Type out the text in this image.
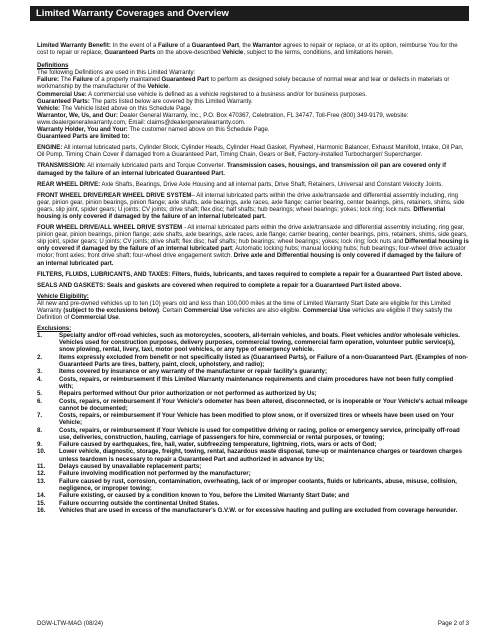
Limited Warranty Coverages and Overview

Limited Warranty Benefit: In the event of a Failure of a Guaranteed Part, the Warrantor agrees to repair or replace, or at its option, reimburse You for the cost to repair or replace, Guaranteed Parts on the above-described Vehicle, subject to the terms, conditions, and limitations herein.

Definitions
The following Definitions are used in this Limited Warranty:
Failure: The Failure of a properly maintained Guaranteed Part to perform as designed solely because of normal wear and tear or defects in materials or workmanship by the manufacturer of the Vehicle.
Commercial Use: A commercial use vehicle is defined as a vehicle registered to a business and/or for business purposes.
Guaranteed Parts: The parts listed below are covered by this Limited Warranty.
Vehicle: The Vehicle listed above on this Schedule Page.
Warrantor, We, Us, and Our: Dealer General Warranty, Inc., P.O. Box 470367, Celebration, FL 34747, Toll-Free (800) 349-9179, website: www.dealergeneralwarranty.com, Email: claims@dealergeneralwarranty.com.
Warranty Holder, You and Your: The customer named above on this Schedule Page.
Guaranteed Parts are limited to:

ENGINE: All internal lubricated parts, Cylinder Block, Cylinder Heads, Cylinder Head Gasket, Flywheel, Harmonic Balancer, Exhaust Manifold, Intake, Oil Pan, Oil Pump, Timing Chain Cover if damaged from a Guaranteed Part, Timing Chain, Gears or Belt, Factory-installed Turbocharger/ Supercharger.

TRANSMISSION: All internally lubricated parts and Torque Converter. Transmission cases, housings, and transmission oil pan are covered only if damaged by the failure of an internal lubricated Guaranteed Part.

REAR WHEEL DRIVE: Axle Shafts, Bearings, Drive Axle Housing and all internal parts, Drive Shaft, Retainers, Universal and Constant Velocity Joints.

FRONT WHEEL DRIVE/REAR WHEEL DRIVE SYSTEM– All internal lubricated parts within the drive axle/transaxle and differential assembly including, ring gear, pinion gear, pinion bearings, pinion flange; axle shafts, axle bearings, axle races, axle flange; carrier bearing, center bearings, pins, retainers, shims, side gears, slip joint, spider gears; U joints; CV joints; drive shaft; flex disc; half shafts; hub bearings; wheel bearings; yokes; lock ring; lock nuts. Differential housing is only covered if damaged by the failure of an internal lubricated part.

FOUR WHEEL DRIVE/ALL WHEEL DRIVE SYSTEM - All internal lubricated parts within the drive axle/transaxle and differential assembly including, ring gear, pinion gear, pinion bearings, pinion flange; axle shafts, axle bearings, axle races, axle flange; carrier bearing, center bearings, pins, retainers, shims, side gears, slip joint, spider gears; U joints; CV joints; drive shaft; flex disc; half shafts; hub bearings; wheel bearings; yokes; lock ring; lock nuts and Differential housing is only covered if damaged by the failure of an internal lubricated part; Automatic locking hubs; manual locking hubs; hub bearings; four-wheel drive actuator motor; front axles; front drive shaft; four-wheel drive engagement switch. Drive axle and Differential housing is only covered if damaged by the failure of an internal lubricated part.

FILTERS, FLUIDS, LUBRICANTS, AND TAXES: Filters, fluids, lubricants, and taxes required to complete a repair for a Guaranteed Part listed above.

SEALS AND GASKETS: Seals and gaskets are covered when required to complete a repair for a Guaranteed Part listed above.

Vehicle Eligibility:
All new and pre-owned vehicles up to ten (10) years old and less than 100,000 miles at the time of Limited Warranty Start Date are eligible for this Limited Warranty (subject to the exclusions below). Certain Commercial Use vehicles are also eligible. Commercial Use vehicles are eligible if they satisfy the Definition of Commercial Use.
Exclusions:
1.	Specialty and/or off-road vehicles, such as motorcycles, scooters, all-terrain vehicles, and boats. Fleet vehicles and/or wholesale vehicles. Vehicles used for construction purposes, delivery purposes, commercial towing, commercial farm operation, volunteer public service(s), snow plowing, rental, livery, taxi, motor pool vehicles, or any type of emergency vehicle.
2.	Items expressly excluded from benefit or not specifically listed as (Guaranteed Parts), or Failure of a non-Guaranteed Part. (Examples of non-Guaranteed Parts are tires, battery, paint, clock, upholstery, and radio);
3.	Items covered by insurance or any warranty of the manufacturer or repair facility's guaranty;
4.	Costs, repairs, or reimbursement if this Limited Warranty maintenance requirements and claim procedures have not been fully complied with;
5.	Repairs performed without Our prior authorization or not performed as authorized by Us;
6.	Costs, repairs, or reimbursement if Your Vehicle's odometer has been altered, disconnected, or is inoperable or Your Vehicle's actual mileage cannot be documented;
7.	Costs, repairs, or reimbursement if Your Vehicle has been modified to plow snow, or if oversized tires or wheels have been used on Your Vehicle;
8.	Costs, repairs, or reimbursement if Your Vehicle is used for competitive driving or racing, police or emergency service, principally off-road use, deliveries, construction, hauling, carriage of passengers for hire, commercial or rental purposes, or towing;
9.	Failure caused by earthquakes, fire, hail, water, subfreezing temperature, lightning, riots, wars or acts of God;
10.	Lower vehicle, diagnostic, storage, freight, towing, rental, hazardous waste disposal, tune-up or maintenance charges or teardown charges unless teardown is necessary to repair a Guaranteed Part and authorized in advance by Us;
11.	Delays caused by unavailable replacement parts;
12.	Failure involving modification not performed by the manufacturer;
13.	Failure caused by rust, corrosion, contamination, overheating, lack of or improper coolants, fluids or lubricants, abuse, misuse, collision, negligence, or improper towing;
14.	Failure existing, or caused by a condition known to You, before the Limited Warranty Start Date; and
15.	Failure occurring outside the continental United States.
16.	Vehicles that are used in excess of the manufacturer's G.V.W. or for excessive hauling and pulling are excluded from coverage hereunder.
DGW-LTW-MAG (08/24)	Page 2 of 3
